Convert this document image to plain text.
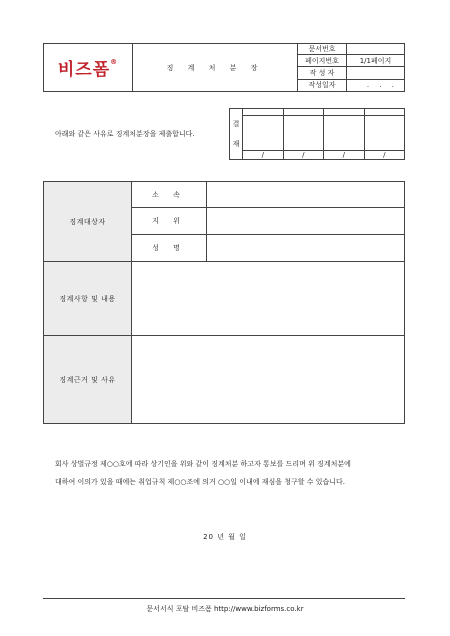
비즈폼®	징 계 처 분 장	문서번호	
		페이지번호	1/1페이지
		작 성 자	
		작성일자	. . .
아래와 같은 사유로 징계처분장을 제출합니다.
결
재				

	/	/	/	/
징계대상자	소 속	
	지 위	
	성 명	
징계사항 및 내용		
징계근거 및 사유		
회사 상벌규정 제○○호에 따라 상기인을 위와 같이 징계처분 하고자 통보를 드리며 위 징계처분에
대하여 이의가 있을 때에는 취업규칙 제○○조에 의거 ○○일 이내에 재심을 청구할 수 있습니다.
20 년 월 일
문서서식 포탈 비즈폼 http://www.bizforms.co.kr
